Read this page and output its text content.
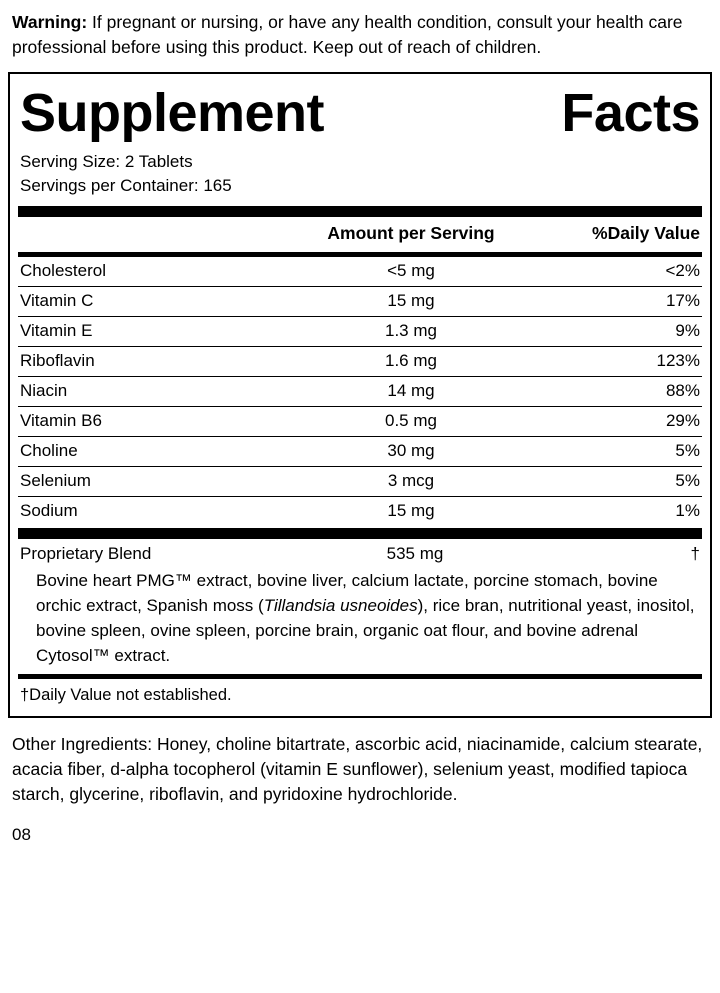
Warning: If pregnant or nursing, or have any health condition, consult your health care professional before using this product. Keep out of reach of children.
Supplement	Facts
Serving Size: 2 Tablets
Servings per Container: 165
	Amount per Serving	%Daily Value
Cholesterol	<5 mg	<2%
Vitamin C	15 mg	17%
Vitamin E	1.3 mg	9%
Riboflavin	1.6 mg	123%
Niacin	14 mg	88%
Vitamin B6	0.5 mg	29%
Choline	30 mg	5%
Selenium	3 mcg	5%
Sodium	15 mg	1%
Proprietary Blend	535 mg	†
Bovine heart PMG™ extract, bovine liver, calcium lactate, porcine stomach, bovine orchic extract, Spanish moss (Tillandsia usneoides), rice bran, nutritional yeast, inositol, bovine spleen, ovine spleen, porcine brain, organic oat flour, and bovine adrenal Cytosol™ extract.
†Daily Value not established.
Other Ingredients: Honey, choline bitartrate, ascorbic acid, niacinamide, calcium stearate, acacia fiber, d-alpha tocopherol (vitamin E sunflower), selenium yeast, modified tapioca starch, glycerine, riboflavin, and pyridoxine hydrochloride.
08
